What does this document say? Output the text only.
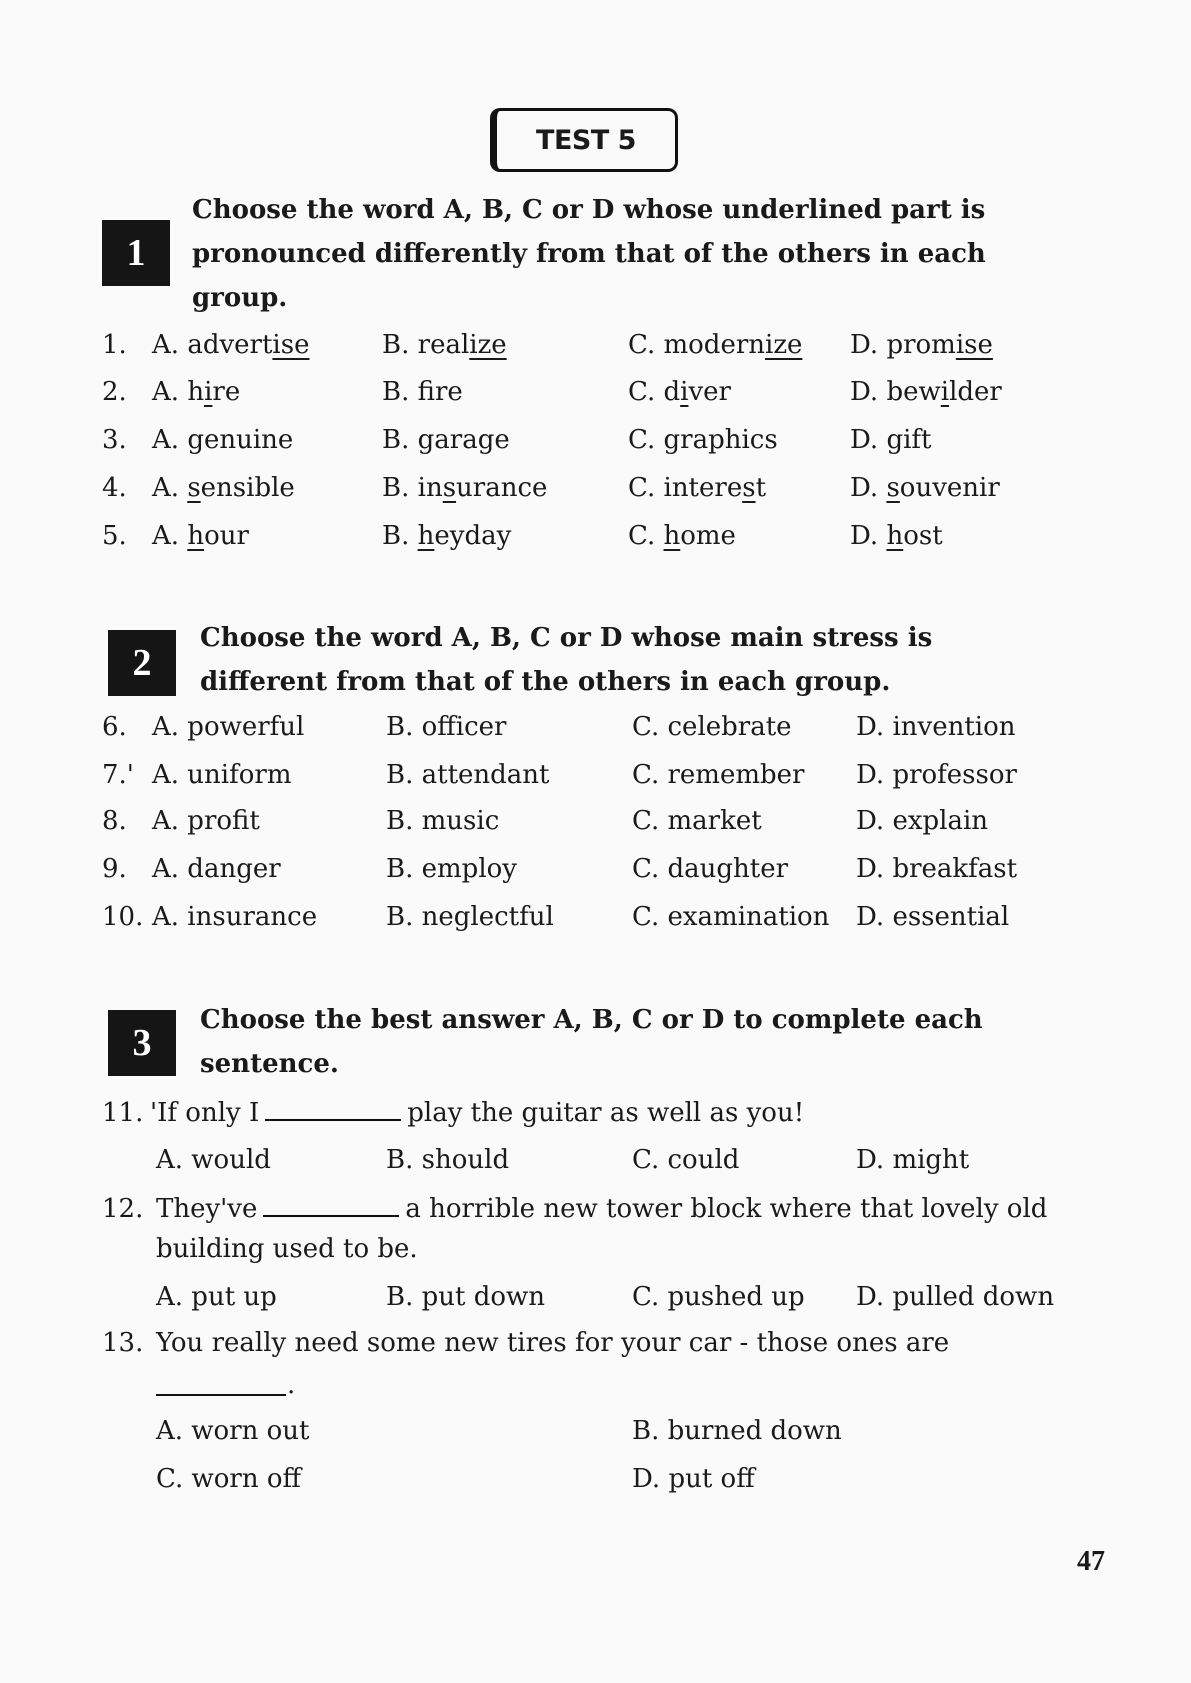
TEST 5
1

Choose the word A, B, C or D whose underlined part is pronounced differently from that of the others in each group.

1. A. advertise	B. realize	C. modernize D. promise
2. A. hire	B. fre	C. diver	D. bewilder
3. A. genuine	B. garage	C. graphics	D. gift
4. A. sensible	B. insurance	C. interest	D. souvenir
5. A. hour	B. heyday	C. home	D. host
2

Choose the word A, B, C or D whose main stress is different from that of the others in each group.

6. A. powerful	B. officer	C. celebrate D. invention
7.' A. uniform	B. attendant	C. remember D. professor
8. A. profit	B. music	C. market	D. explain
9. A. danger	B. employ	C. daughter	D. breakfast
10. A. insurance	B. neglectful	C. examination D. essential
3

Choose the best answer A, B, C or D to complete each sentence.

11. 'If only I	play the guitar as well as you!
A. would	B. should	C. could	D. might
12. They've	a horrible new tower block where that lovely old
building used to be.
A. put up	B. put down	C. pushed up D. pulled down
13. You really need some new tires for your car - those ones are
.
A. worn out	B. burned down
C. worn off	D. put off
47
